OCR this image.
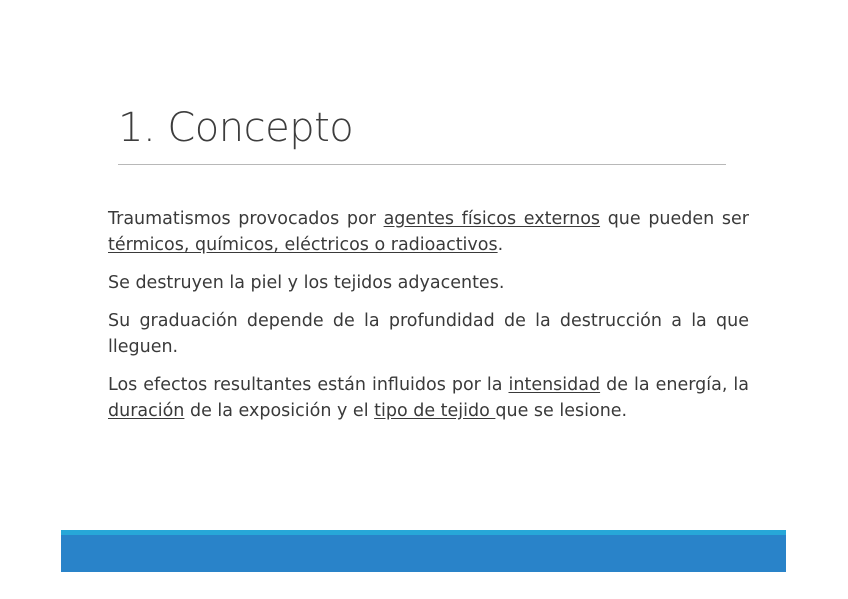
1. Concepto

Traumatismos provocados por agentes físicos externos que pueden ser térmicos, químicos, eléctricos o radioactivos.

Se destruyen la piel y los tejidos adyacentes.

Su graduación depende de la profundidad de la destrucción a la que lleguen.

Los efectos resultantes están influidos por la intensidad de la energía, la duración de la exposición y el tipo de tejido que se lesione.
